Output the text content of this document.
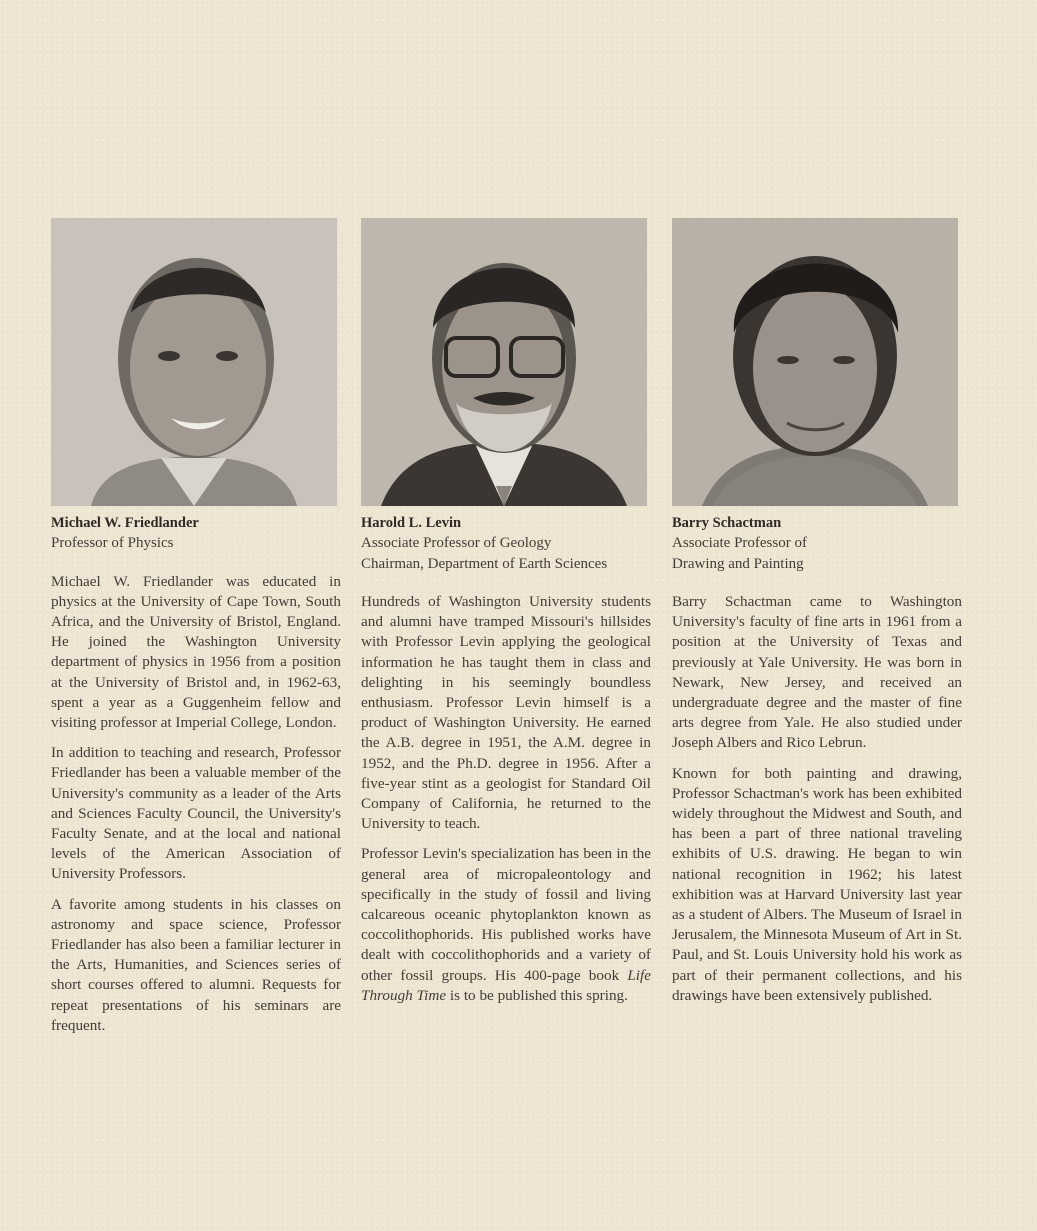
Michael W. Friedlander
Professor of Physics

Michael W. Friedlander was educated in physics at the University of Cape Town, South Africa, and the University of Bristol, England. He joined the Washington University department of physics in 1956 from a position at the University of Bristol and, in 1962-63, spent a year as a Guggenheim fellow and visiting professor at Imperial College, London.

In addition to teaching and research, Professor Friedlander has been a valuable member of the University's community as a leader of the Arts and Sciences Faculty Council, the University's Faculty Senate, and at the local and national levels of the American Association of University Professors.

A favorite among students in his classes on astronomy and space science, Professor Friedlander has also been a familiar lecturer in the Arts, Humanities, and Sciences series of short courses offered to alumni. Requests for repeat presentations of his seminars are frequent.

Harold L. Levin
Associate Professor of Geology
Chairman, Department of Earth Sciences

Hundreds of Washington University students and alumni have tramped Missouri's hillsides with Professor Levin applying the geological information he has taught them in class and delighting in his seemingly boundless enthusiasm. Professor Levin himself is a product of Washington University. He earned the A.B. degree in 1951, the A.M. degree in 1952, and the Ph.D. degree in 1956. After a five-year stint as a geologist for Standard Oil Company of California, he returned to the University to teach.

Professor Levin's specialization has been in the general area of micropaleontology and specifically in the study of fossil and living calcareous oceanic phytoplankton known as coccolithophorids. His published works have dealt with coccolithophorids and a variety of other fossil groups. His 400-page book Life Through Time is to be published this spring.

Barry Schactman
Associate Professor of
Drawing and Painting

Barry Schactman came to Washington University's faculty of fine arts in 1961 from a position at the University of Texas and previously at Yale University. He was born in Newark, New Jersey, and received an undergraduate degree and the master of fine arts degree from Yale. He also studied under Joseph Albers and Rico Lebrun.

Known for both painting and drawing, Professor Schactman's work has been exhibited widely throughout the Midwest and South, and has been a part of three national traveling exhibits of U.S. drawing. He began to win national recognition in 1962; his latest exhibition was at Harvard University last year as a student of Albers. The Museum of Israel in Jerusalem, the Minnesota Museum of Art in St. Paul, and St. Louis University hold his work as part of their permanent collections, and his drawings have been extensively published.
